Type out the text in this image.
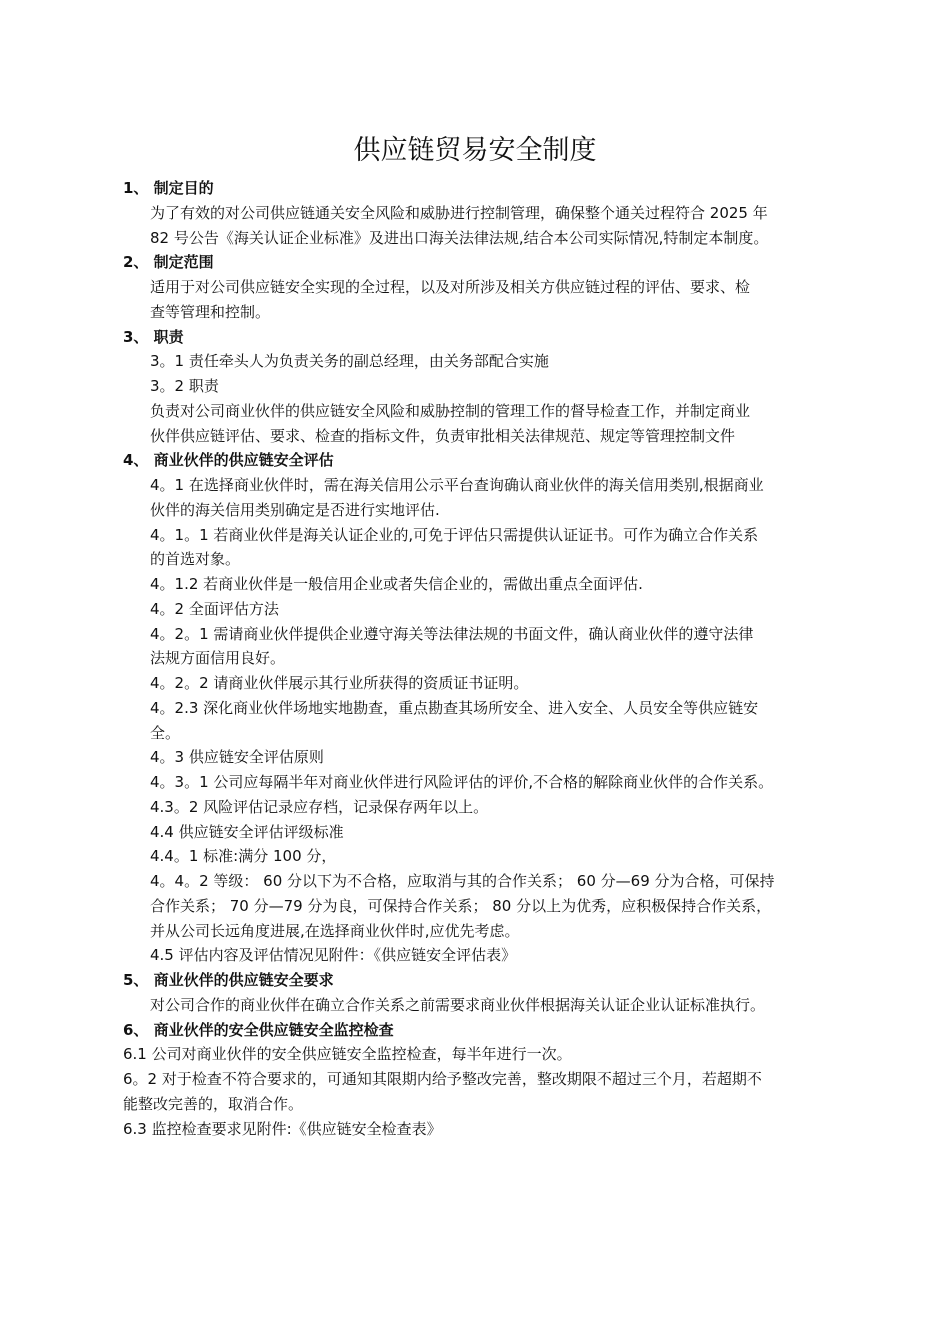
供应链贸易安全制度
1、 制定目的
为了有效的对公司供应链通关安全风险和威胁进行控制管理，确保整个通关过程符合 2025 年
82 号公告《海关认证企业标准》及进出口海关法律法规,结合本公司实际情况,特制定本制度。
2、 制定范围
适用于对公司供应链安全实现的全过程，以及对所涉及相关方供应链过程的评估、要求、检
查等管理和控制。
3、 职责
3。1 责任牵头人为负责关务的副总经理，由关务部配合实施
3。2 职责
负责对公司商业伙伴的供应链安全风险和威胁控制的管理工作的督导检查工作，并制定商业
伙伴供应链评估、要求、检查的指标文件，负责审批相关法律规范、规定等管理控制文件
4、 商业伙伴的供应链安全评估
4。1 在选择商业伙伴时，需在海关信用公示平台查询确认商业伙伴的海关信用类别,根据商业
伙伴的海关信用类别确定是否进行实地评估.
4。1。1 若商业伙伴是海关认证企业的,可免于评估只需提供认证证书。可作为确立合作关系
的首选对象。
4。1.2 若商业伙伴是一般信用企业或者失信企业的，需做出重点全面评估.
4。2 全面评估方法
4。2。1 需请商业伙伴提供企业遵守海关等法律法规的书面文件，确认商业伙伴的遵守法律
法规方面信用良好。
4。2。2 请商业伙伴展示其行业所获得的资质证书证明。
4。2.3 深化商业伙伴场地实地勘查，重点勘查其场所安全、进入安全、人员安全等供应链安
全。
4。3 供应链安全评估原则
4。3。1 公司应每隔半年对商业伙伴进行风险评估的评价,不合格的解除商业伙伴的合作关系。
4.3。2 风险评估记录应存档，记录保存两年以上。
4.4 供应链安全评估评级标准
4.4。1 标准:满分 100 分，
4。4。2 等级： 60 分以下为不合格，应取消与其的合作关系； 60 分—69 分为合格，可保持
合作关系； 70 分—79 分为良，可保持合作关系； 80 分以上为优秀，应积极保持合作关系，
并从公司长远角度进展,在选择商业伙伴时,应优先考虑。
4.5 评估内容及评估情况见附件：《供应链安全评估表》
5、 商业伙伴的供应链安全要求
对公司合作的商业伙伴在确立合作关系之前需要求商业伙伴根据海关认证企业认证标准执行。
6、 商业伙伴的安全供应链安全监控检查
6.1 公司对商业伙伴的安全供应链安全监控检查，每半年进行一次。
6。2 对于检查不符合要求的，可通知其限期内给予整改完善，整改期限不超过三个月，若超期不
能整改完善的，取消合作。
6.3 监控检查要求见附件:《供应链安全检查表》
